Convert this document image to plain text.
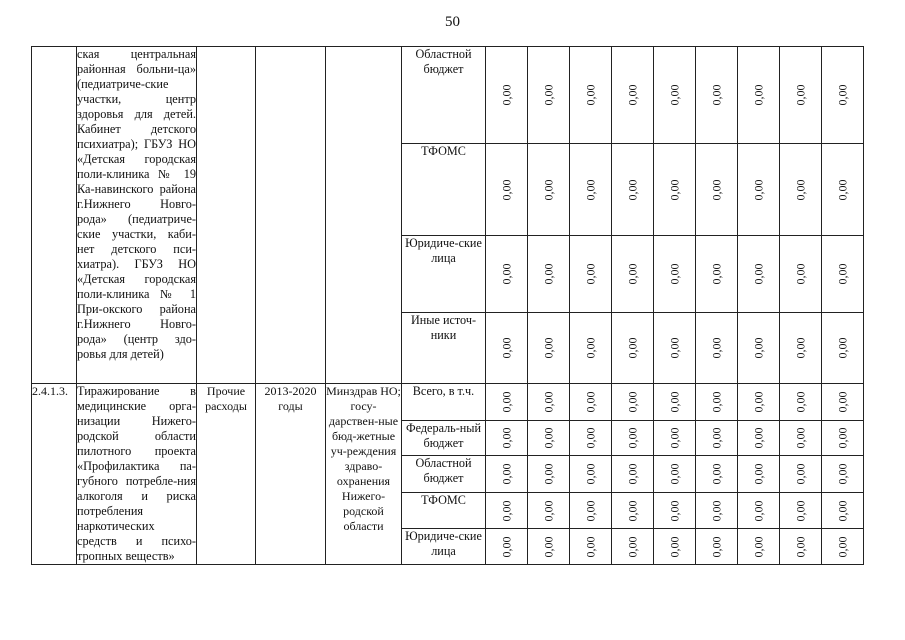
50

	ская центральная районная больни-ца» (педиатриче-ские участки, центр здоровья для детей. Кабинет детского психиатра); ГБУЗ НО «Детская городская поли-клиника № 19 Ка-навинского района г.Нижнего Новго-рода» (педиатриче-ские участки, каби-нет детского пси-хиатра). ГБУЗ НО «Детская городская поли-клиника № 1 При-окского района г.Нижнего Новго-рода» (центр здо-ровья для детей)				Областной бюджет	0,00	0,00	0,00	0,00	0,00	0,00	0,00	0,00	0,00

					ТФОМС	0,00	0,00	0,00	0,00	0,00	0,00	0,00	0,00	0,00

					Юридиче-ские лица	0,00	0,00	0,00	0,00	0,00	0,00	0,00	0,00	0,00

					Иные источ-ники	0,00	0,00	0,00	0,00	0,00	0,00	0,00	0,00	0,00

2.4.1.3.	Тиражирование в медицинские орга-низации Нижего-родской области пилотного проекта «Профилактика па-губного потребле-ния алкоголя и риска потребления наркотических средств и психо-тропных веществ»	Прочие расходы	2013-2020 годы	Минздрав НО; госу-дарствен-ные бюд-жетные уч-реждения здраво-охранения Нижего-родской области	Всего, в т.ч.	0,00	0,00	0,00	0,00	0,00	0,00	0,00	0,00	0,00

					Федераль-ный бюджет	0,00	0,00	0,00	0,00	0,00	0,00	0,00	0,00	0,00

					Областной бюджет	0,00	0,00	0,00	0,00	0,00	0,00	0,00	0,00	0,00

					ТФОМС	0,00	0,00	0,00	0,00	0,00	0,00	0,00	0,00	0,00

					Юридиче-ские лица	0,00	0,00	0,00	0,00	0,00	0,00	0,00	0,00	0,00
